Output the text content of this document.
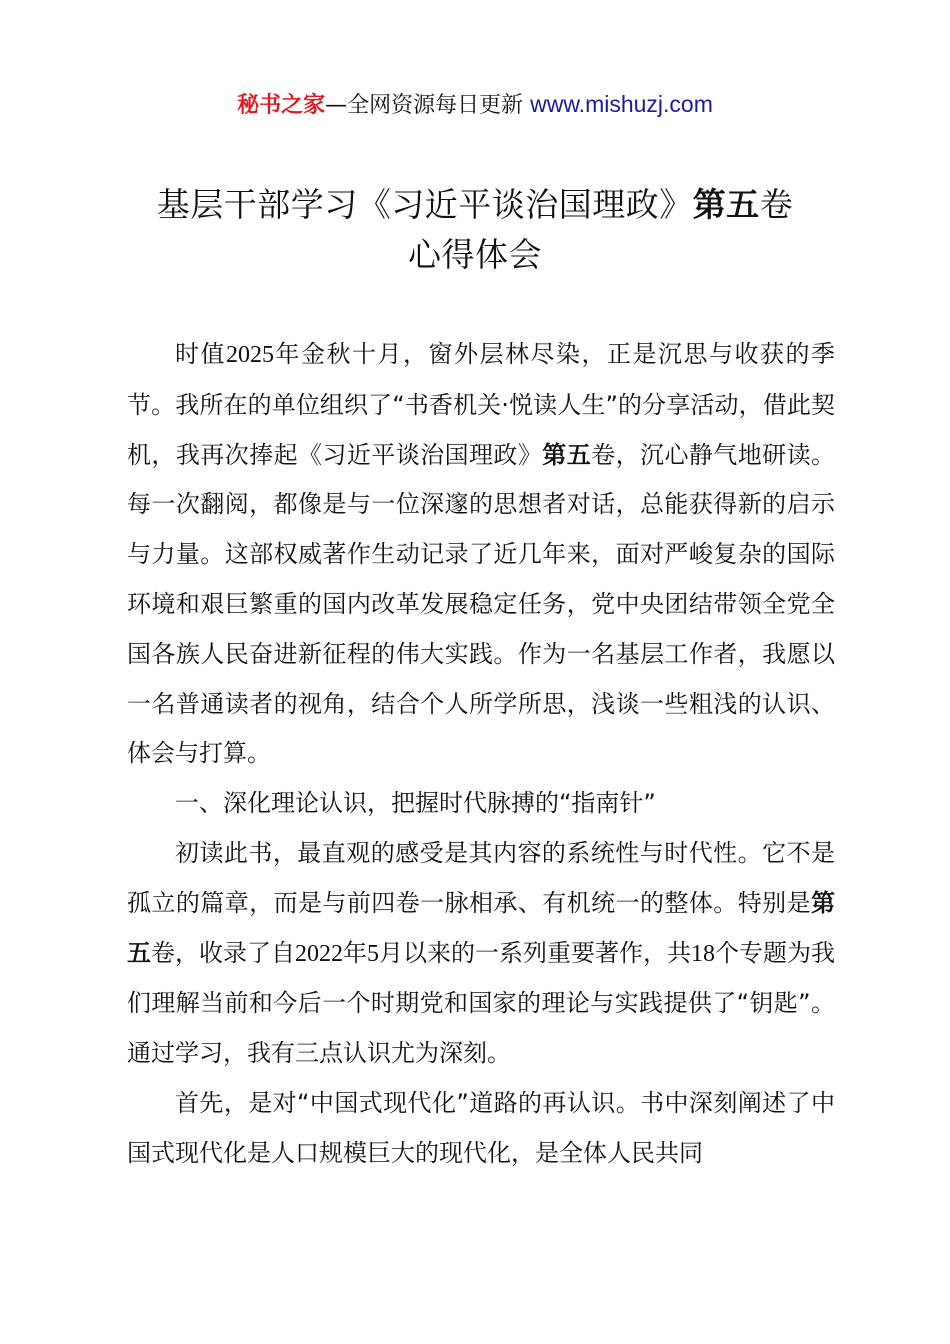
秘书之家—全网资源每日更新 www.mishuzj.com
基层干部学习《习近平谈治国理政》第五卷
心得体会

时值2025年金秋十月，窗外层林尽染，正是沉思与收获的季节。我所在的单位组织了“书香机关·悦读人生”的分享活动，借此契机，我再次捧起《习近平谈治国理政》第五卷，沉心静气地研读。每一次翻阅，都像是与一位深邃的思想者对话，总能获得新的启示与力量。这部权威著作生动记录了近几年来，面对严峻复杂的国际环境和艰巨繁重的国内改革发展稳定任务，党中央团结带领全党全国各族人民奋进新征程的伟大实践。作为一名基层工作者，我愿以一名普通读者的视角，结合个人所学所思，浅谈一些粗浅的认识、体会与打算。

一、深化理论认识，把握时代脉搏的“指南针”

初读此书，最直观的感受是其内容的系统性与时代性。它不是孤立的篇章，而是与前四卷一脉相承、有机统一的整体。特别是第五卷，收录了自2022年5月以来的一系列重要著作，共18个专题为我们理解当前和今后一个时期党和国家的理论与实践提供了“钥匙”。通过学习，我有三点认识尤为深刻。

首先，是对“中国式现代化”道路的再认识。书中深刻阐述了中国式现代化是人口规模巨大的现代化，是全体人民共同
